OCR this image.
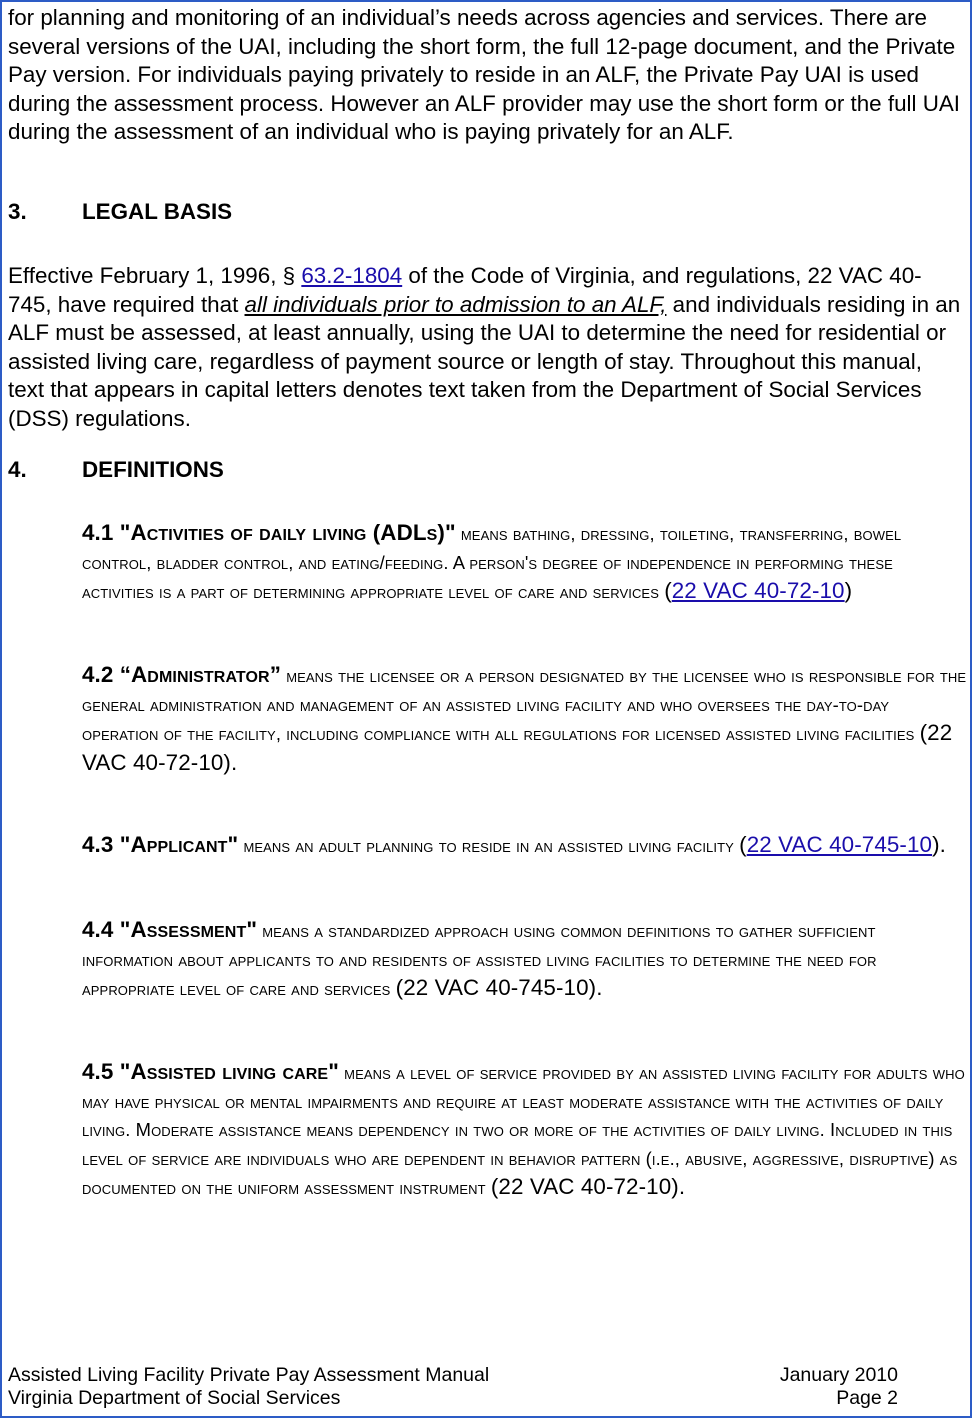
for planning and monitoring of an individual’s needs across agencies and services. There are several versions of the UAI, including the short form, the full 12-page document, and the Private Pay version. For individuals paying privately to reside in an ALF, the Private Pay UAI is used during the assessment process. However an ALF provider may use the short form or the full UAI during the assessment of an individual who is paying privately for an ALF.

3. LEGAL BASIS

Effective February 1, 1996, § 63.2-1804 of the Code of Virginia, and regulations, 22 VAC 40-745, have required that all individuals prior to admission to an ALF, and individuals residing in an ALF must be assessed, at least annually, using the UAI to determine the need for residential or assisted living care, regardless of payment source or length of stay. Throughout this manual, text that appears in capital letters denotes text taken from the Department of Social Services (DSS) regulations.

4. DEFINITIONS

4.1 "Activities of daily living (ADLs)" means bathing, dressing, toileting, transferring, bowel control, bladder control, and eating/feeding. A person's degree of independence in performing these activities is a part of determining appropriate level of care and services (22 VAC 40-72-10)

4.2 “Administrator” means the licensee or a person designated by the licensee who is responsible for the general administration and management of an assisted living facility and who oversees the day-to-day operation of the facility, including compliance with all regulations for licensed assisted living facilities (22 VAC 40-72-10).

4.3 "Applicant" means an adult planning to reside in an assisted living facility (22 VAC 40-745-10).

4.4 "Assessment" means a standardized approach using common definitions to gather sufficient information about applicants to and residents of assisted living facilities to determine the need for appropriate level of care and services (22 VAC 40-745-10).

4.5 "Assisted living care" means a level of service provided by an assisted living facility for adults who may have physical or mental impairments and require at least moderate assistance with the activities of daily living. Moderate assistance means dependency in two or more of the activities of daily living. Included in this level of service are individuals who are dependent in behavior pattern (i.e., abusive, aggressive, disruptive) as documented on the uniform assessment instrument (22 VAC 40-72-10).

Assisted Living Facility Private Pay Assessment Manual	January 2010
Virginia Department of Social Services	Page 2
